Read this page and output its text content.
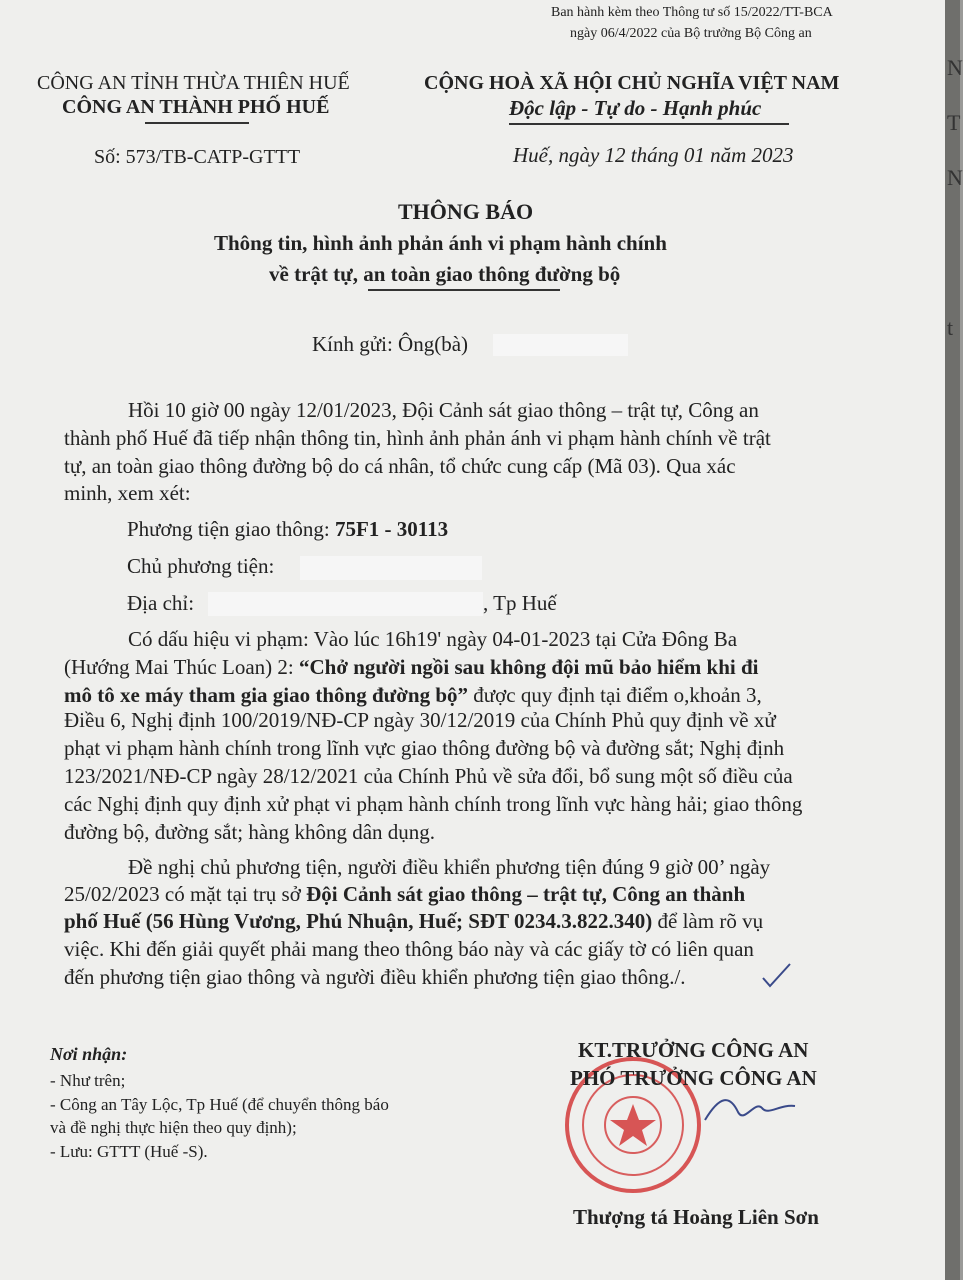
Ban hành kèm theo Thông tư số 15/2022/TT-BCA
ngày 06/4/2022 của Bộ trưởng Bộ Công an
CÔNG AN TỈNH THỪA THIÊN HUẾ
CÔNG AN THÀNH PHỐ HUẾ
CỘNG HOÀ XÃ HỘI CHỦ NGHĨA VIỆT NAM
Độc lập - Tự do - Hạnh phúc
Số: 573/TB-CATP-GTTT	Huế, ngày 12 tháng 01 năm 2023
THÔNG BÁO
Thông tin, hình ảnh phản ánh vi phạm hành chính
về trật tự, an toàn giao thông đường bộ
Kính gửi: Ông(bà)
Hồi 10 giờ 00 ngày 12/01/2023, Đội Cảnh sát giao thông – trật tự, Công an
thành phố Huế đã tiếp nhận thông tin, hình ảnh phản ánh vi phạm hành chính về trật
tự, an toàn giao thông đường bộ do cá nhân, tổ chức cung cấp (Mã 03). Qua xác
minh, xem xét:
Phương tiện giao thông: 75F1 - 30113
Chủ phương tiện:
Địa chỉ:	, Tp Huế
Có dấu hiệu vi phạm: Vào lúc 16h19' ngày 04-01-2023 tại Cửa Đông Ba
(Hướng Mai Thúc Loan) 2: “Chở người ngồi sau không đội mũ bảo hiểm khi đi
mô tô xe máy tham gia giao thông đường bộ” được quy định tại điểm o,khoản 3,
Điều 6, Nghị định 100/2019/NĐ-CP ngày 30/12/2019 của Chính Phủ quy định về xử
phạt vi phạm hành chính trong lĩnh vực giao thông đường bộ và đường sắt; Nghị định
123/2021/NĐ-CP ngày 28/12/2021 của Chính Phủ về sửa đổi, bổ sung một số điều của
các Nghị định quy định xử phạt vi phạm hành chính trong lĩnh vực hàng hải; giao thông
đường bộ, đường sắt; hàng không dân dụng.
Đề nghị chủ phương tiện, người điều khiển phương tiện đúng 9 giờ 00’ ngày
25/02/2023 có mặt tại trụ sở Đội Cảnh sát giao thông – trật tự, Công an thành
phố Huế (56 Hùng Vương, Phú Nhuận, Huế; SĐT 0234.3.822.340) để làm rõ vụ
việc. Khi đến giải quyết phải mang theo thông báo này và các giấy tờ có liên quan
đến phương tiện giao thông và người điều khiển phương tiện giao thông./.
Nơi nhận:
- Như trên;
- Công an Tây Lộc, Tp Huế (để chuyển thông báo
và đề nghị thực hiện theo quy định);
- Lưu: GTTT (Huế -S).
KT.TRƯỞNG CÔNG AN
PHÓ TRƯỞNG CÔNG AN
Thượng tá Hoàng Liên Sơn
N
T
N
t
